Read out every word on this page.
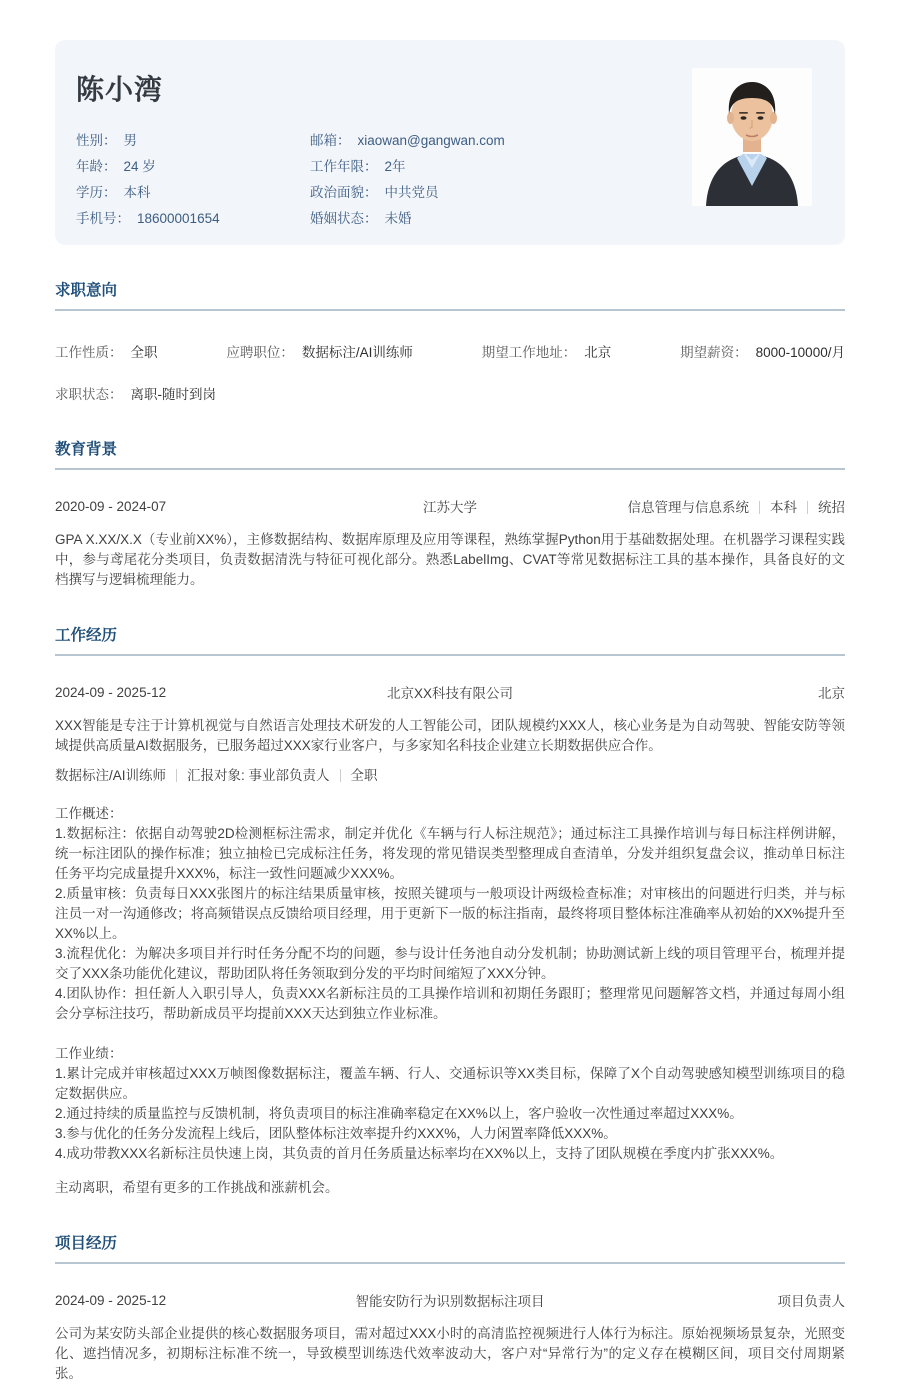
陈小湾
性别： 男
年龄： 24 岁
学历： 本科
手机号： 18600001654
邮箱： xiaowan@gangwan.com
工作年限： 2年
政治面貌： 中共党员
婚姻状态： 未婚
求职意向
工作性质： 全职	应聘职位： 数据标注/AI训练师	期望工作地址： 北京	期望薪资： 8000-10000/月
求职状态： 离职-随时到岗
教育背景
2020-09 - 2024-07	江苏大学	信息管理与信息系统 本科 统招

GPA X.XX/X.X（专业前XX%），主修数据结构、数据库原理及应用等课程，熟练掌握Python用于基础数据处理。在机器学习课程实践中，参与鸢尾花分类项目，负责数据清洗与特征可视化部分。熟悉LabelImg、CVAT等常见数据标注工具的基本操作，具备良好的文档撰写与逻辑梳理能力。

工作经历
2024-09 - 2025-12	北京XX科技有限公司	北京

XXX智能是专注于计算机视觉与自然语言处理技术研发的人工智能公司，团队规模约XXX人，核心业务是为自动驾驶、智能安防等领域提供高质量AI数据服务，已服务超过XXX家行业客户，与多家知名科技企业建立长期数据供应合作。

数据标注/AI训练师 汇报对象: 事业部负责人 全职

工作概述：

1.数据标注：依据自动驾驶2D检测框标注需求，制定并优化《车辆与行人标注规范》；通过标注工具操作培训与每日标注样例讲解，统一标注团队的操作标准；独立抽检已完成标注任务，将发现的常见错误类型整理成自查清单，分发并组织复盘会议，推动单日标注任务平均完成量提升XXX%，标注一致性问题减少XXX%。

2.质量审核：负责每日XXX张图片的标注结果质量审核，按照关键项与一般项设计两级检查标准；对审核出的问题进行归类，并与标注员一对一沟通修改；将高频错误点反馈给项目经理，用于更新下一版的标注指南，最终将项目整体标注准确率从初始的XX%提升至XX%以上。

3.流程优化：为解决多项目并行时任务分配不均的问题，参与设计任务池自动分发机制；协助测试新上线的项目管理平台，梳理并提交了XXX条功能优化建议，帮助团队将任务领取到分发的平均时间缩短了XXX分钟。

4.团队协作：担任新人入职引导人，负责XXX名新标注员的工具操作培训和初期任务跟盯；整理常见问题解答文档，并通过每周小组会分享标注技巧，帮助新成员平均提前XXX天达到独立作业标准。

工作业绩：

1.累计完成并审核超过XXX万帧图像数据标注，覆盖车辆、行人、交通标识等XX类目标，保障了X个自动驾驶感知模型训练项目的稳定数据供应。

2.通过持续的质量监控与反馈机制，将负责项目的标注准确率稳定在XX%以上，客户验收一次性通过率超过XXX%。

3.参与优化的任务分发流程上线后，团队整体标注效率提升约XXX%，人力闲置率降低XXX%。

4.成功带教XXX名新标注员快速上岗，其负责的首月任务质量达标率均在XX%以上，支持了团队规模在季度内扩张XXX%。

主动离职，希望有更多的工作挑战和涨薪机会。

项目经历
2024-09 - 2025-12	智能安防行为识别数据标注项目	项目负责人

公司为某安防头部企业提供的核心数据服务项目，需对超过XXX小时的高清监控视频进行人体行为标注。原始视频场景复杂，光照变化、遮挡情况多，初期标注标准不统一，导致模型训练迭代效率波动大，客户对“异常行为”的定义存在模糊区间，项目交付周期紧张。
